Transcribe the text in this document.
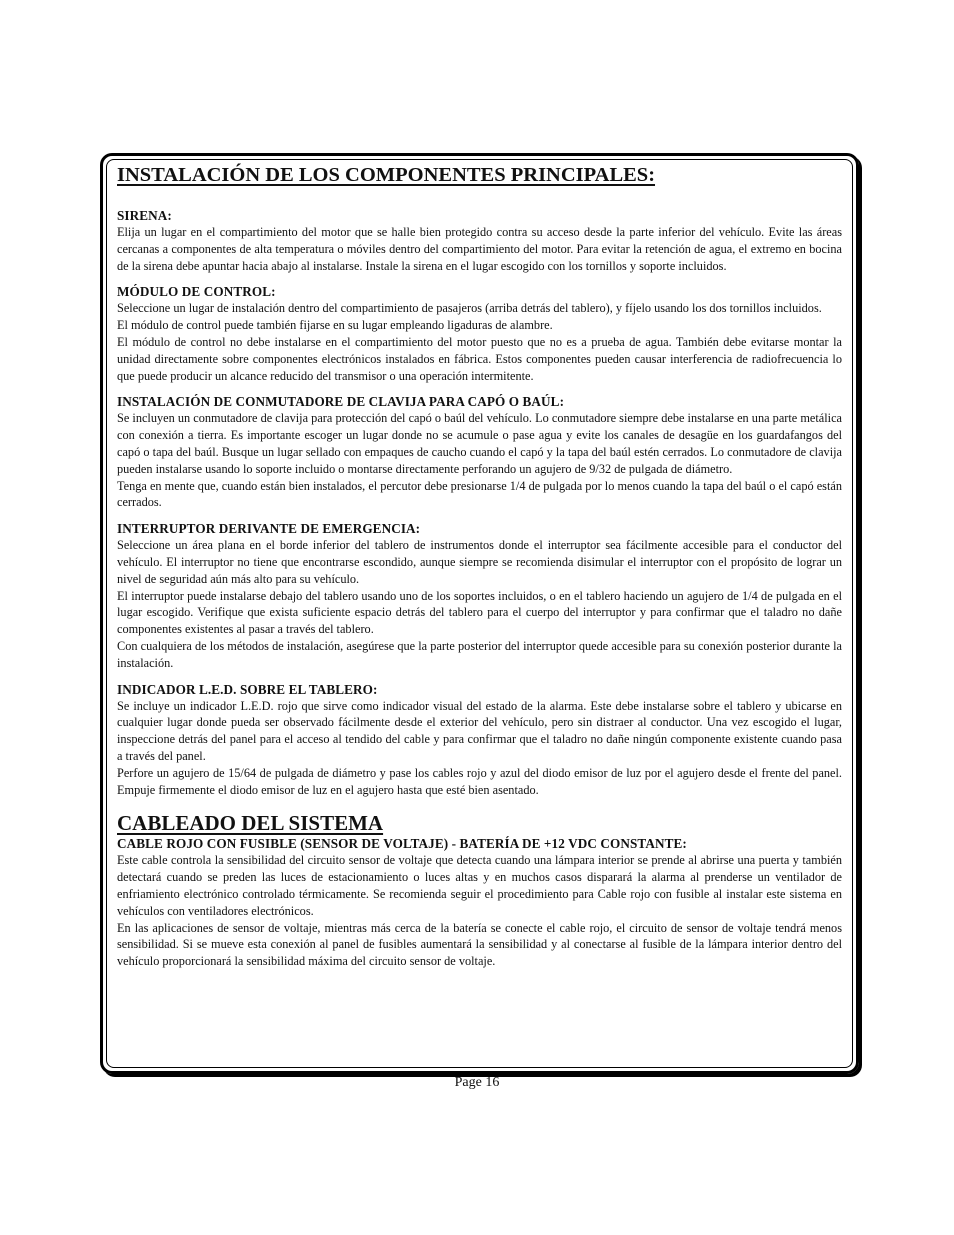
INSTALACIÓN DE LOS COMPONENTES PRINCIPALES:
SIRENA:

Elija un lugar en el compartimiento del motor que se halle bien protegido contra su acceso desde la parte inferior del vehículo. Evite las áreas cercanas a componentes de alta temperatura o móviles dentro del compartimiento del motor. Para evitar la retención de agua, el extremo en bocina de la sirena debe apuntar hacia abajo al instalarse. Instale la sirena en el lugar escogido con los tornillos y soporte incluidos.

MÓDULO DE CONTROL:

Seleccione un lugar de instalación dentro del compartimiento de pasajeros (arriba detrás del tablero), y fíjelo usando los dos tornillos incluidos.

El módulo de control puede también fijarse en su lugar empleando ligaduras de alambre.

El módulo de control no debe instalarse en el compartimiento del motor puesto que no es a prueba de agua. También debe evitarse montar la unidad directamente sobre componentes electrónicos instalados en fábrica. Estos componentes pueden causar interferencia de radiofrecuencia lo que puede producir un alcance reducido del transmisor o una operación intermitente.

INSTALACIÓN DE CONMUTADORE DE CLAVIJA PARA CAPÓ O BAÚL:

Se incluyen un conmutadore de clavija para protección del capó o baúl del vehículo. Lo conmutadore siempre debe instalarse en una parte metálica con conexión a tierra. Es importante escoger un lugar donde no se acumule o pase agua y evite los canales de desagüe en los guardafangos del capó o tapa del baúl. Busque un lugar sellado con empaques de caucho cuando el capó y la tapa del baúl estén cerrados. Lo conmutadore de clavija pueden instalarse usando lo soporte incluido o montarse directamente perforando un agujero de 9/32 de pulgada de diámetro.

Tenga en mente que, cuando están bien instalados, el percutor debe presionarse 1/4 de pulgada por lo menos cuando la tapa del baúl o el capó están cerrados.

INTERRUPTOR DERIVANTE DE EMERGENCIA:

Seleccione un área plana en el borde inferior del tablero de instrumentos donde el interruptor sea fácilmente accesible para el conductor del vehículo. El interruptor no tiene que encontrarse escondido, aunque siempre se recomienda disimular el interruptor con el propósito de lograr un nivel de seguridad aún más alto para su vehículo.

El interruptor puede instalarse debajo del tablero usando uno de los soportes incluidos, o en el tablero haciendo un agujero de 1/4 de pulgada en el lugar escogido. Verifique que exista suficiente espacio detrás del tablero para el cuerpo del interruptor y para confirmar que el taladro no dañe componentes existentes al pasar a través del tablero.

Con cualquiera de los métodos de instalación, asegúrese que la parte posterior del interruptor quede accesible para su conexión posterior durante la instalación.

INDICADOR L.E.D. SOBRE EL TABLERO:

Se incluye un indicador L.E.D. rojo que sirve como indicador visual del estado de la alarma. Este debe instalarse sobre el tablero y ubicarse en cualquier lugar donde pueda ser observado fácilmente desde el exterior del vehículo, pero sin distraer al conductor. Una vez escogido el lugar, inspeccione detrás del panel para el acceso al tendido del cable y para confirmar que el taladro no dañe ningún componente existente cuando pasa a través del panel.

Perfore un agujero de 15/64 de pulgada de diámetro y pase los cables rojo y azul del diodo emisor de luz por el agujero desde el frente del panel. Empuje firmemente el diodo emisor de luz en el agujero hasta que esté bien asentado.

CABLEADO DEL SISTEMA
CABLE ROJO CON FUSIBLE (SENSOR DE VOLTAJE) - BATERÍA DE +12 VDC CONSTANTE:

Este cable controla la sensibilidad del circuito sensor de voltaje que detecta cuando una lámpara interior se prende al abrirse una puerta y también detectará cuando se preden las luces de estacionamiento o luces altas y en muchos casos disparará la alarma al prenderse un ventilador de enfriamiento electrónico controlado térmicamente. Se recomienda seguir el procedimiento para Cable rojo con fusible al instalar este sistema en vehículos con ventiladores electrónicos.

En las aplicaciones de sensor de voltaje, mientras más cerca de la batería se conecte el cable rojo, el circuito de sensor de voltaje tendrá menos sensibilidad. Si se mueve esta conexión al panel de fusibles aumentará la sensibilidad y al conectarse al fusible de la lámpara interior dentro del vehículo proporcionará la sensibilidad máxima del circuito sensor de voltaje.

Page 16
